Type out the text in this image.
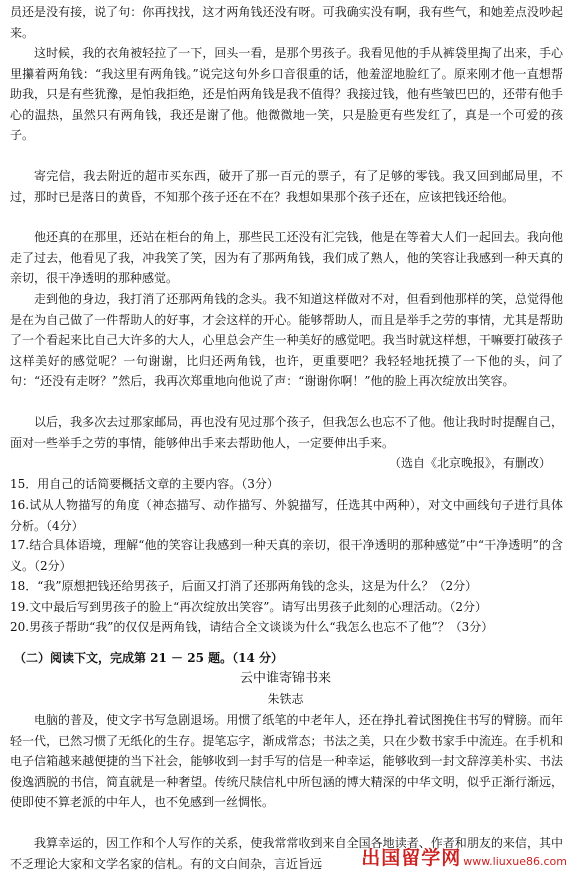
员还是没有接，说了句：你再找找，这才两角钱还没有呀。可我确实没有啊，我有些气，和她差点没吵起来。

这时候，我的衣角被轻拉了一下，回头一看，是那个男孩子。我看见他的手从裤袋里掏了出来，手心里攥着两角钱：“我这里有两角钱。”说完这句外乡口音很重的话，他羞涩地脸红了。原来刚才他一直想帮助我，只是有些犹豫，是怕我拒绝，还是怕两角钱是我不值得？我接过钱，他有些皱巴巴的，还带有他手心的温热，虽然只有两角钱，我还是谢了他。他微微地一笑，只是脸更有些发红了，真是一个可爱的孩子。

寄完信，我去附近的超市买东西，破开了那一百元的票子，有了足够的零钱。我又回到邮局里，不过，那时已是落日的黄昏，不知那个孩子还在不在？我想如果那个孩子还在，应该把钱还给他。

他还真的在那里，还站在柜台的角上，那些民工还没有汇完钱，他是在等着大人们一起回去。我向他走了过去，他看见了我，冲我笑了笑，因为有了那两角钱，我们成了熟人，他的笑容让我感到一种天真的亲切，很干净透明的那种感觉。

走到他的身边，我打消了还那两角钱的念头。我不知道这样做对不对，但看到他那样的笑，总觉得他是在为自己做了一件帮助人的好事，才会这样的开心。能够帮助人，而且是举手之劳的事情，尤其是帮助了一个看起来比自己大许多的大人，心里总会产生一种美好的感觉吧。我当时就这样想，干嘛要打破孩子这样美好的感觉呢？一句谢谢，比归还两角钱，也许，更重要吧？我轻轻地抚摸了一下他的头，问了句：“还没有走呀？”然后，我再次郑重地向他说了声：“谢谢你啊！”他的脸上再次绽放出笑容。

以后，我多次去过那家邮局，再也没有见过那个孩子，但我怎么也忘不了他。他让我时时提醒自己，面对一些举手之劳的事情，能够伸出手来去帮助他人，一定要伸出手来。

（选自《北京晚报》，有删改）

15．用自己的话简要概括文章的主要内容。（3分）

16.试从人物描写的角度（神态描写、动作描写、外貌描写，任选其中两种），对文中画线句子进行具体分析。（4分）

17.结合具体语境，理解“他的笑容让我感到一种天真的亲切，很干净透明的那种感觉”中“干净透明”的含义。（2分）

18．“我”原想把钱还给男孩子，后面又打消了还那两角钱的念头，这是为什么？（2分）

19.文中最后写到男孩子的脸上“再次绽放出笑容”。请写出男孩子此刻的心理活动。（2分）

20.男孩子帮助“我”的仅仅是两角钱，请结合全文谈谈为什么“我怎么也忘不了他”？（3分）

（二）阅读下文，完成第 21 － 25 题。（14 分）

云中谁寄锦书来

朱铁志

电脑的普及，使文字书写急剧退场。用惯了纸笔的中老年人，还在挣扎着试图挽住书写的臂膀。而年轻一代，已然习惯了无纸化的生存。提笔忘字，渐成常态；书法之美，只在少数书家手中流连。在手机和电子信箱越来越便捷的当下社会，能够收到一封手写的信是一种幸运，能够收到一封文辞淳美朴实、书法俊逸洒脱的书信，简直就是一种奢望。传统尺牍信札中所包涵的博大精深的中华文明，似乎正渐行渐远，使即使不算老派的中年人，也不免感到一丝惆怅。

我算幸运的，因工作和个人写作的关系，使我常常收到来自全国各地读者、作者和朋友的来信，其中不乏理论大家和文学名家的信札。有的文白间杂，言近旨远	出国留学网 www.liuxue86.com
